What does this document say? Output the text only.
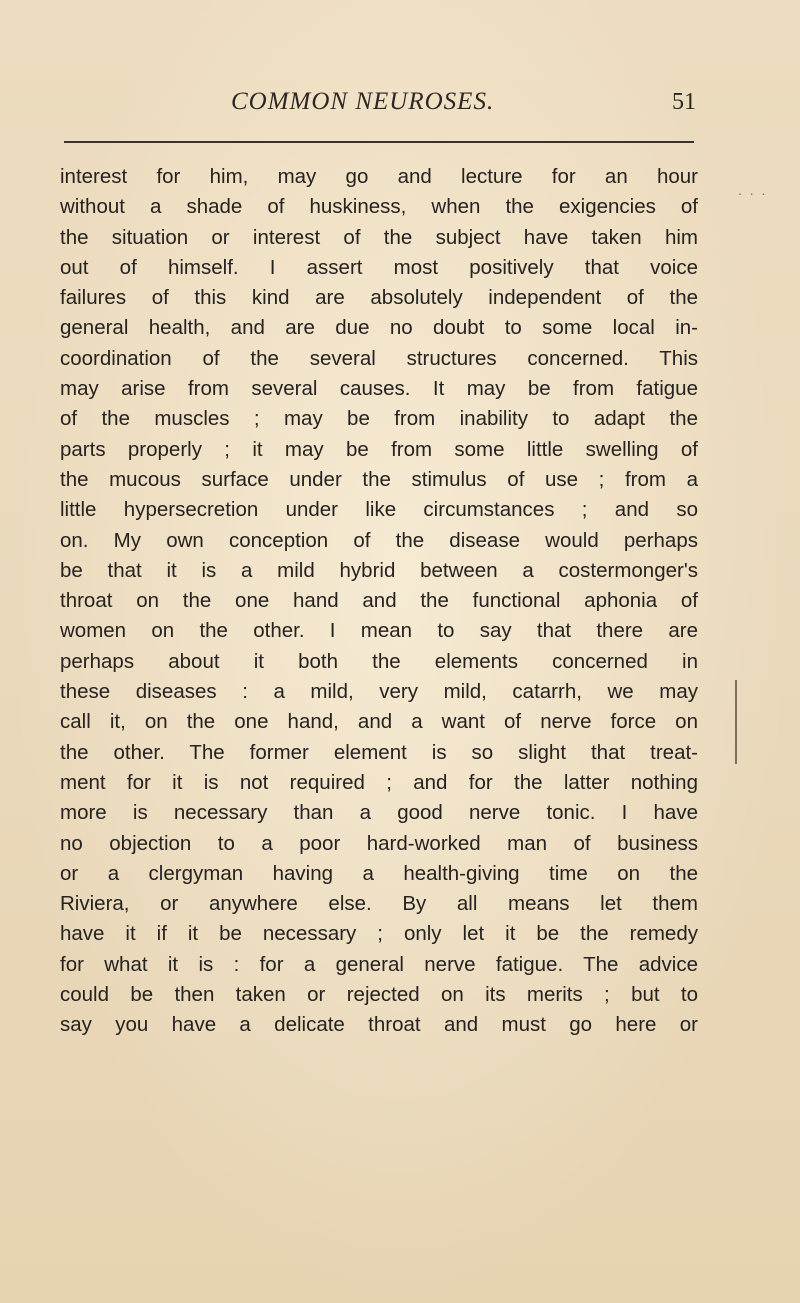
COMMON NEUROSES.	51
. . .
interest for him, may go and lecture for an hour
without a shade of huskiness, when the exigencies of
the situation or interest of the subject have taken him
out of himself. I assert most positively that voice
failures of this kind are absolutely independent of the
general health, and are due no doubt to some local in-
coordination of the several structures concerned. This
may arise from several causes. It may be from fatigue
of the muscles ; may be from inability to adapt the
parts properly ; it may be from some little swelling of
the mucous surface under the stimulus of use ; from a
little hypersecretion under like circumstances ; and so
on. My own conception of the disease would perhaps
be that it is a mild hybrid between a costermonger's
throat on the one hand and the functional aphonia of
women on the other. I mean to say that there are
perhaps about it both the elements concerned in
these diseases : a mild, very mild, catarrh, we may
call it, on the one hand, and a want of nerve force on
the other. The former element is so slight that treat-
ment for it is not required ; and for the latter nothing
more is necessary than a good nerve tonic. I have
no objection to a poor hard-worked man of business
or a clergyman having a health-giving time on the
Riviera, or anywhere else. By all means let them
have it if it be necessary ; only let it be the remedy
for what it is : for a general nerve fatigue. The advice
could be then taken or rejected on its merits ; but to
say you have a delicate throat and must go here or
